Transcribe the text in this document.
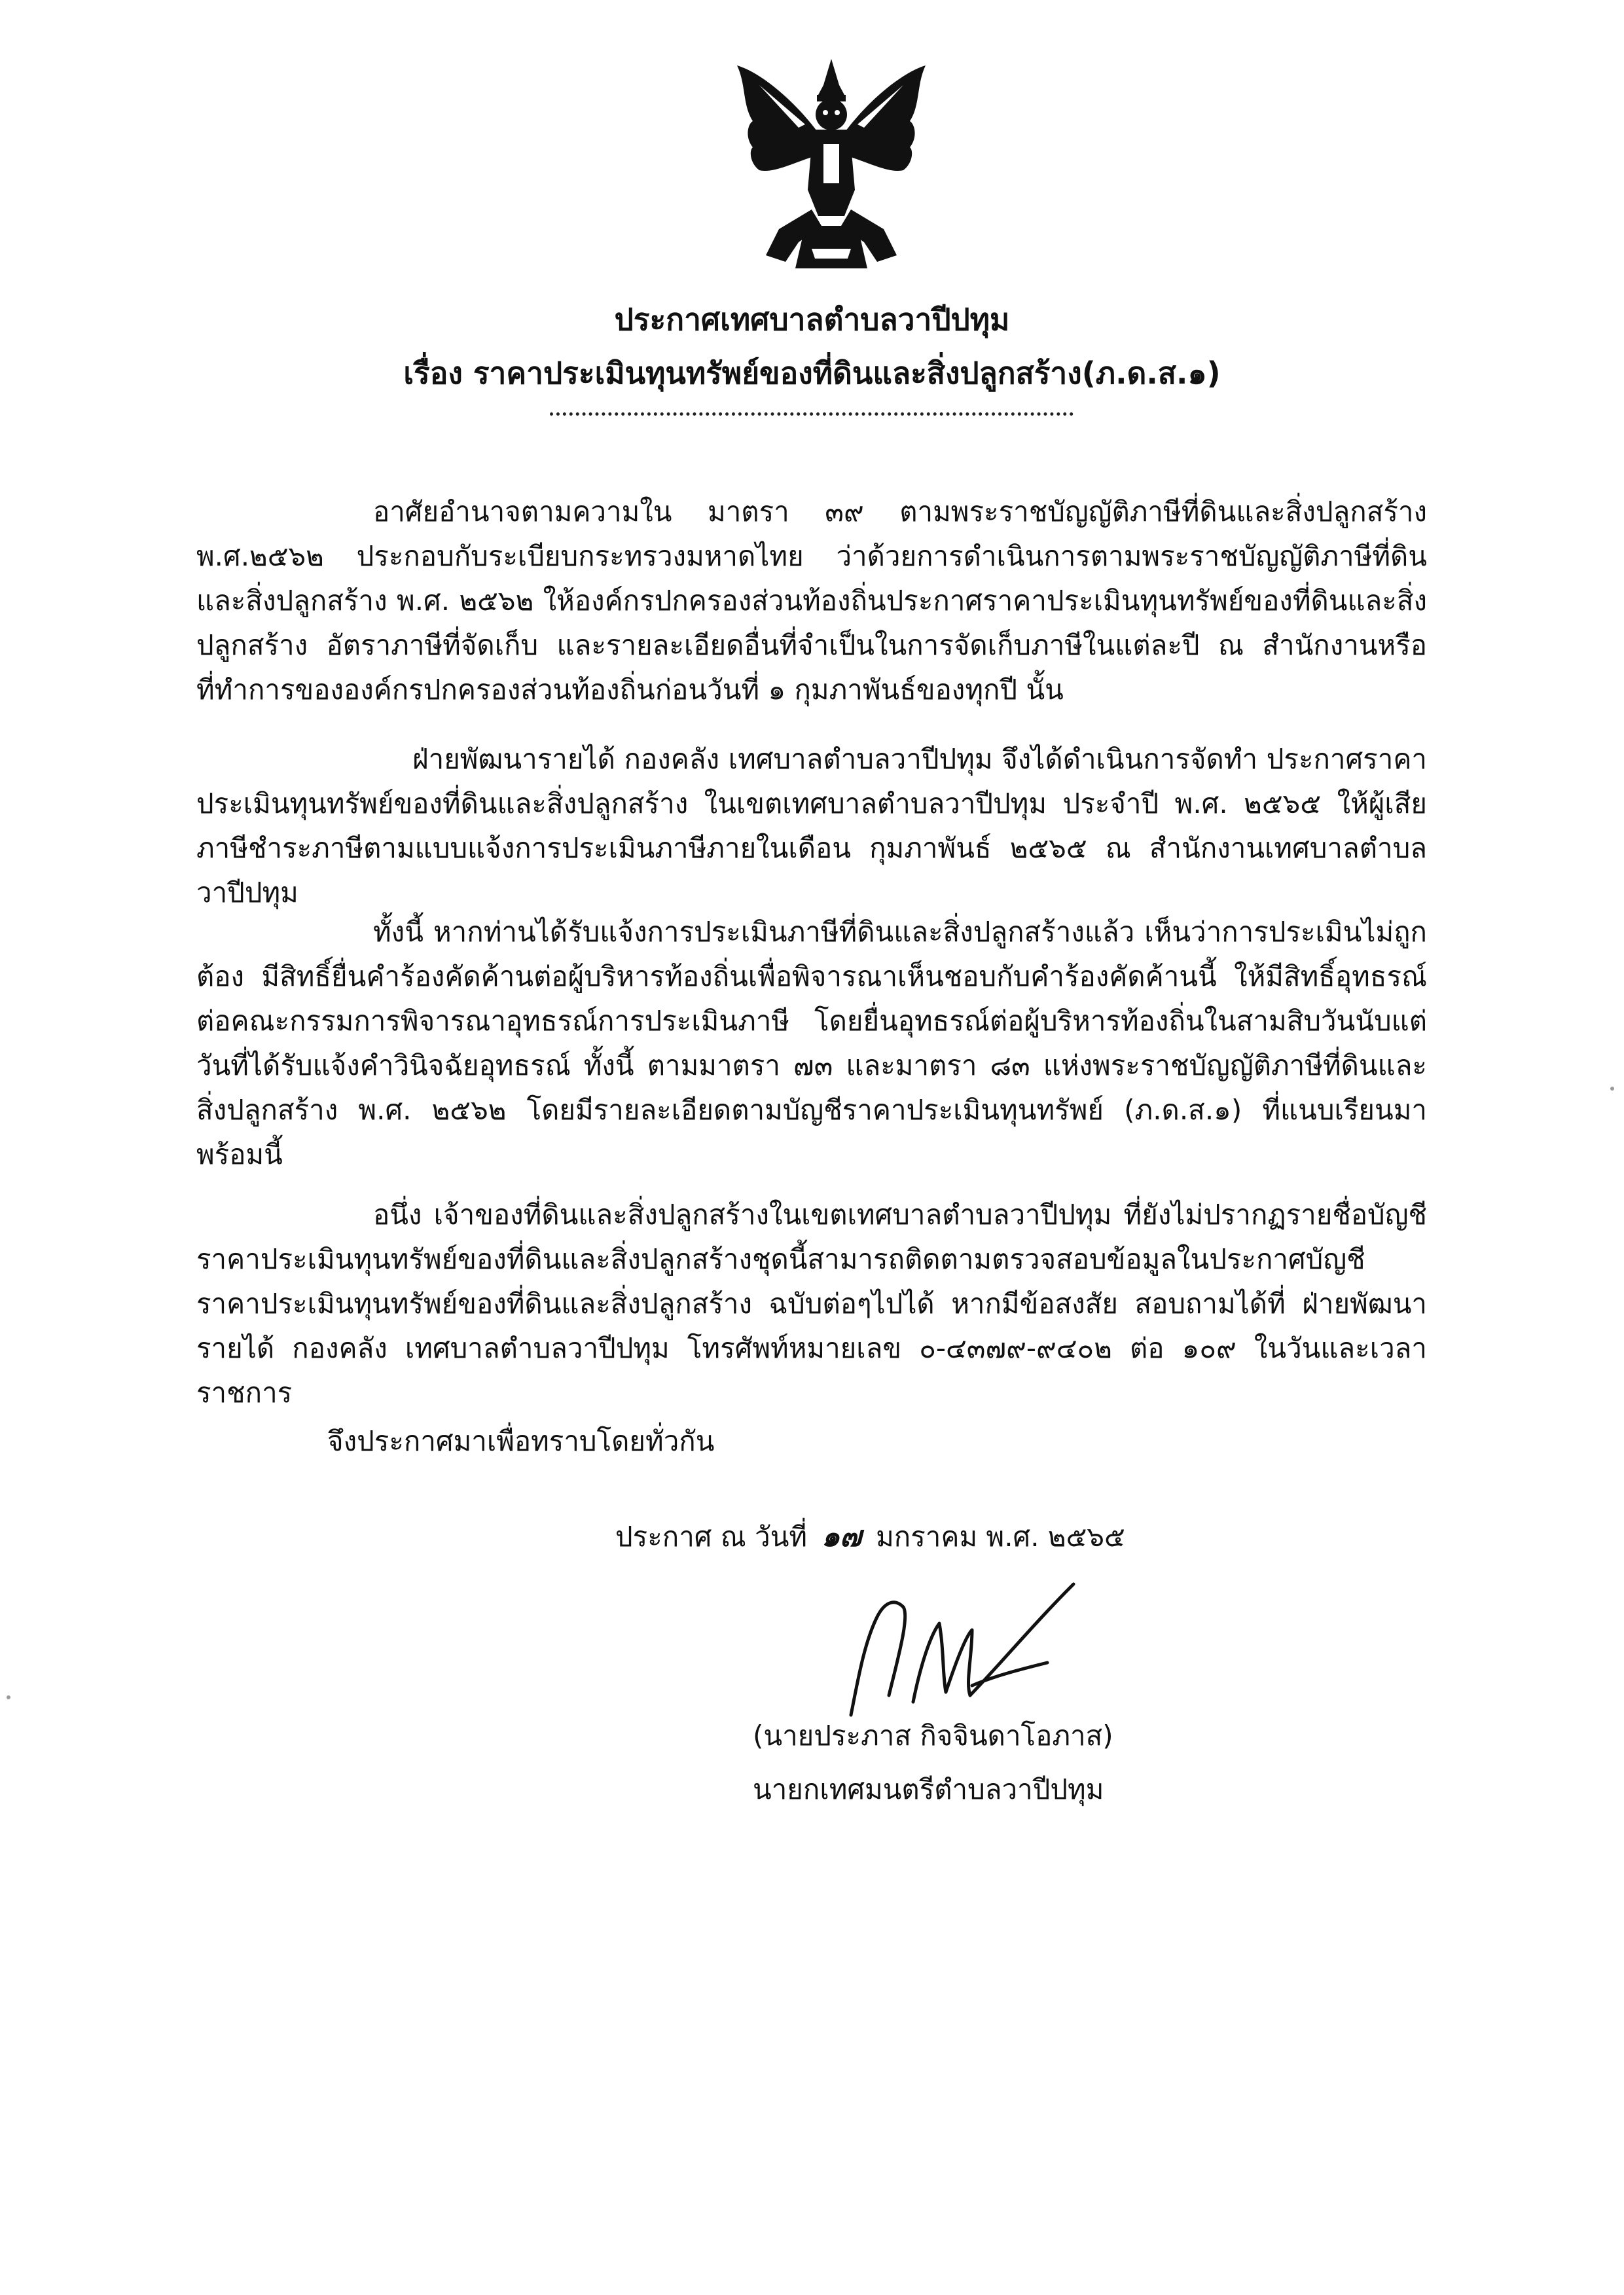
ประกาศเทศบาลตำบลวาปีปทุม
เรื่อง ราคาประเมินทุนทรัพย์ของที่ดินและสิ่งปลูกสร้าง(ภ.ด.ส.๑)
อาศัยอำนาจตามความใน มาตรา ๓๙ ตามพระราชบัญญัติภาษีที่ดินและสิ่งปลูกสร้าง พ.ศ.๒๕๖๒ ประกอบกับระเบียบกระทรวงมหาดไทย ว่าด้วยการดำเนินการตามพระราชบัญญัติภาษีที่ดินและสิ่งปลูกสร้าง พ.ศ. ๒๕๖๒ ให้องค์กรปกครองส่วนท้องถิ่นประกาศราคาประเมินทุนทรัพย์ของที่ดินและสิ่งปลูกสร้าง อัตราภาษีที่จัดเก็บ และรายละเอียดอื่นที่จำเป็นในการจัดเก็บภาษีในแต่ละปี ณ สำนักงานหรือที่ทำการขององค์กรปกครองส่วนท้องถิ่นก่อนวันที่ ๑ กุมภาพันธ์ของทุกปี นั้น
ฝ่ายพัฒนารายได้ กองคลัง เทศบาลตำบลวาปีปทุม จึงได้ดำเนินการจัดทำ ประกาศราคาประเมินทุนทรัพย์ของที่ดินและสิ่งปลูกสร้าง ในเขตเทศบาลตำบลวาปีปทุม ประจำปี พ.ศ. ๒๕๖๕ ให้ผู้เสียภาษีชำระภาษีตามแบบแจ้งการประเมินภาษีภายในเดือน กุมภาพันธ์ ๒๕๖๕ ณ สำนักงานเทศบาลตำบลวาปีปทุม
ทั้งนี้ หากท่านได้รับแจ้งการประเมินภาษีที่ดินและสิ่งปลูกสร้างแล้ว เห็นว่าการประเมินไม่ถูกต้อง มีสิทธิ์ยื่นคำร้องคัดค้านต่อผู้บริหารท้องถิ่นเพื่อพิจารณาเห็นชอบกับคำร้องคัดค้านนี้ ให้มีสิทธิ์อุทธรณ์ต่อคณะกรรมการพิจารณาอุทธรณ์การประเมินภาษี โดยยื่นอุทธรณ์ต่อผู้บริหารท้องถิ่นในสามสิบวันนับแต่วันที่ได้รับแจ้งคำวินิจฉัยอุทธรณ์ ทั้งนี้ ตามมาตรา ๗๓ และมาตรา ๘๓ แห่งพระราชบัญญัติภาษีที่ดินและสิ่งปลูกสร้าง พ.ศ. ๒๕๖๒ โดยมีรายละเอียดตามบัญชีราคาประเมินทุนทรัพย์ (ภ.ด.ส.๑) ที่แนบเรียนมาพร้อมนี้
อนึ่ง เจ้าของที่ดินและสิ่งปลูกสร้างในเขตเทศบาลตำบลวาปีปทุม ที่ยังไม่ปรากฏรายชื่อบัญชีราคาประเมินทุนทรัพย์ของที่ดินและสิ่งปลูกสร้างชุดนี้สามารถติดตามตรวจสอบข้อมูลในประกาศบัญชีราคาประเมินทุนทรัพย์ของที่ดินและสิ่งปลูกสร้าง ฉบับต่อๆไปได้ หากมีข้อสงสัย สอบถามได้ที่ ฝ่ายพัฒนารายได้ กองคลัง เทศบาลตำบลวาปีปทุม โทรศัพท์หมายเลข ๐-๔๓๗๙-๙๔๐๒ ต่อ ๑๐๙ ในวันและเวลาราชการ
จึงประกาศมาเพื่อทราบโดยทั่วกัน
ประกาศ ณ วันที่ ๑๗ มกราคม พ.ศ. ๒๕๖๕
(นายประภาส กิจจินดาโอภาส)
นายกเทศมนตรีตำบลวาปีปทุม
